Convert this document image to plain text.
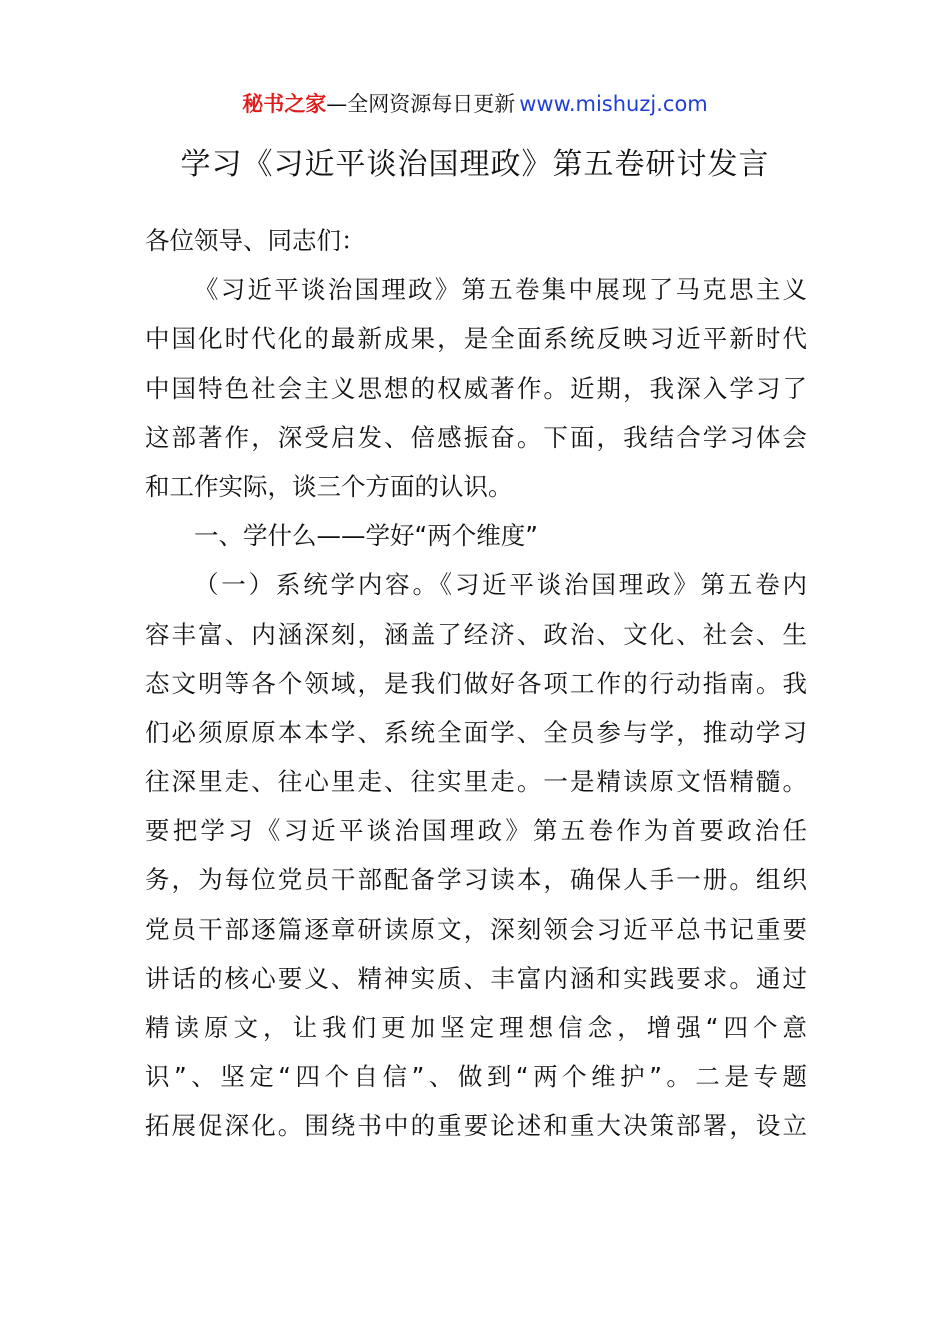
秘书之家—全网资源每日更新 www.mishuzj.com
学习《习近平谈治国理政》第五卷研讨发言
各位领导、同志们：
《习近平谈治国理政》第五卷集中展现了马克思主义
中国化时代化的最新成果，是全面系统反映习近平新时代
中国特色社会主义思想的权威著作。近期，我深入学习了
这部著作，深受启发、倍感振奋。下面，我结合学习体会
和工作实际，谈三个方面的认识。
一、学什么——学好“两个维度”
（一）系统学内容。《习近平谈治国理政》第五卷内
容丰富、内涵深刻，涵盖了经济、政治、文化、社会、生
态文明等各个领域，是我们做好各项工作的行动指南。我
们必须原原本本学、系统全面学、全员参与学，推动学习
往深里走、往心里走、往实里走。一是精读原文悟精髓。
要把学习《习近平谈治国理政》第五卷作为首要政治任
务，为每位党员干部配备学习读本，确保人手一册。组织
党员干部逐篇逐章研读原文，深刻领会习近平总书记重要
讲话的核心要义、精神实质、丰富内涵和实践要求。通过
精读原文，让我们更加坚定理想信念，增强“四个意
识”、坚定“四个自信”、做到“两个维护”。二是专题
拓展促深化。围绕书中的重要论述和重大决策部署，设立
